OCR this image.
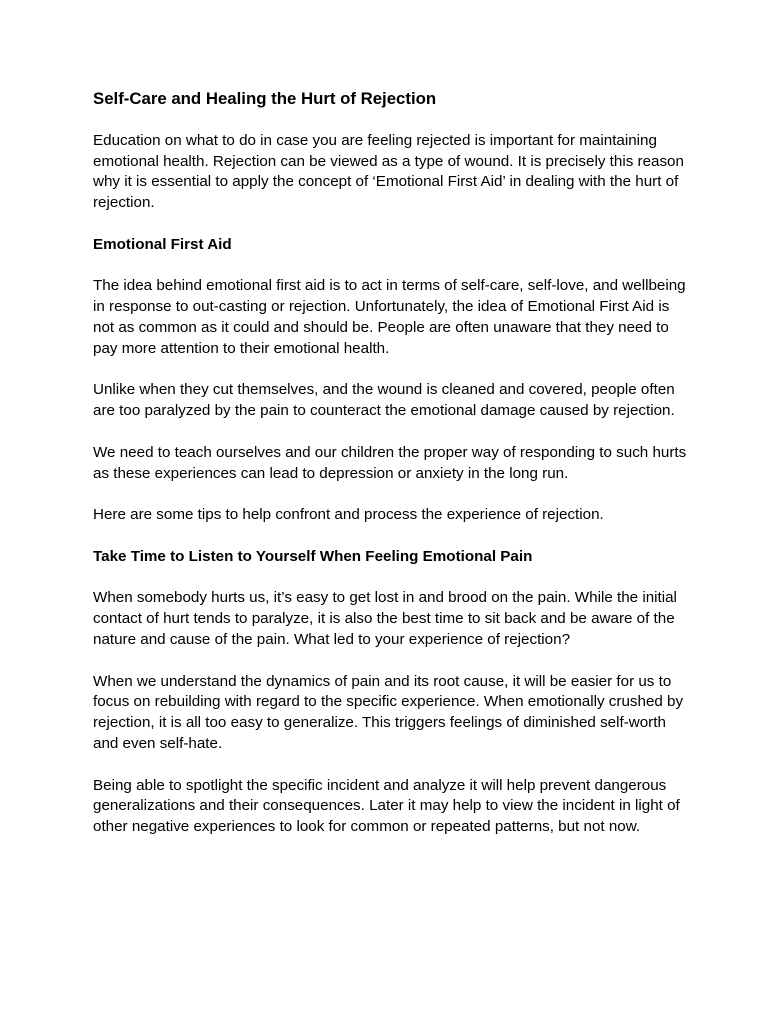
Self-Care and Healing the Hurt of Rejection

Education on what to do in case you are feeling rejected is important for maintaining emotional health. Rejection can be viewed as a type of wound. It is precisely this reason why it is essential to apply the concept of ‘Emotional First Aid’ in dealing with the hurt of rejection.

Emotional First Aid

The idea behind emotional first aid is to act in terms of self-care, self-love, and wellbeing in response to out-casting or rejection. Unfortunately, the idea of Emotional First Aid is not as common as it could and should be. People are often unaware that they need to pay more attention to their emotional health.

Unlike when they cut themselves, and the wound is cleaned and covered, people often are too paralyzed by the pain to counteract the emotional damage caused by rejection.

We need to teach ourselves and our children the proper way of responding to such hurts as these experiences can lead to depression or anxiety in the long run.

Here are some tips to help confront and process the experience of rejection.

Take Time to Listen to Yourself When Feeling Emotional Pain

When somebody hurts us, it’s easy to get lost in and brood on the pain. While the initial contact of hurt tends to paralyze, it is also the best time to sit back and be aware of the nature and cause of the pain. What led to your experience of rejection?

When we understand the dynamics of pain and its root cause, it will be easier for us to focus on rebuilding with regard to the specific experience. When emotionally crushed by rejection, it is all too easy to generalize. This triggers feelings of diminished self-worth and even self-hate.

Being able to spotlight the specific incident and analyze it will help prevent dangerous generalizations and their consequences. Later it may help to view the incident in light of other negative experiences to look for common or repeated patterns, but not now.
